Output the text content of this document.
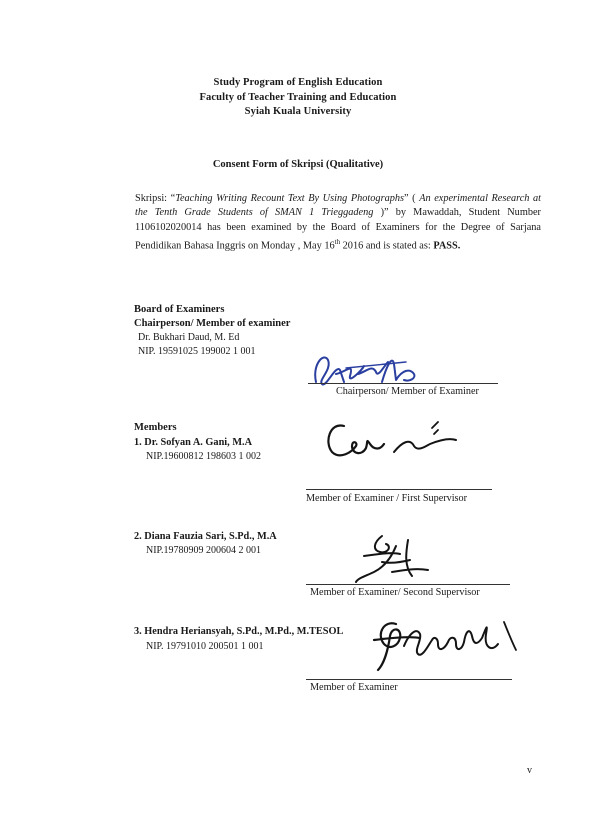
Study Program of English Education
Faculty of Teacher Training and Education
Syiah Kuala University
Consent Form of Skripsi (Qualitative)
Skripsi: “Teaching Writing Recount Text By Using Photographs” ( An experimental Research at the Tenth Grade Students of SMAN 1 Trieggadeng )” by Mawaddah, Student Number 1106102020014 has been examined by the Board of Examiners for the Degree of Sarjana Pendidikan Bahasa Inggris on Monday , May 16th 2016 and is stated as: PASS.
Board of Examiners
Chairperson/ Member of examiner
Dr. Bukhari Daud, M. Ed
NIP. 19591025 199002 1 001
Chairperson/ Member of Examiner
Members
1. Dr. Sofyan A. Gani, M.A
NIP.19600812 198603 1 002
Member of Examiner / First Supervisor
2. Diana Fauzia Sari, S.Pd., M.A
NIP.19780909 200604 2 001
Member of Examiner/ Second Supervisor
3. Hendra Heriansyah, S.Pd., M.Pd., M.TESOL
NIP. 19791010 200501 1 001
Member of Examiner
v
